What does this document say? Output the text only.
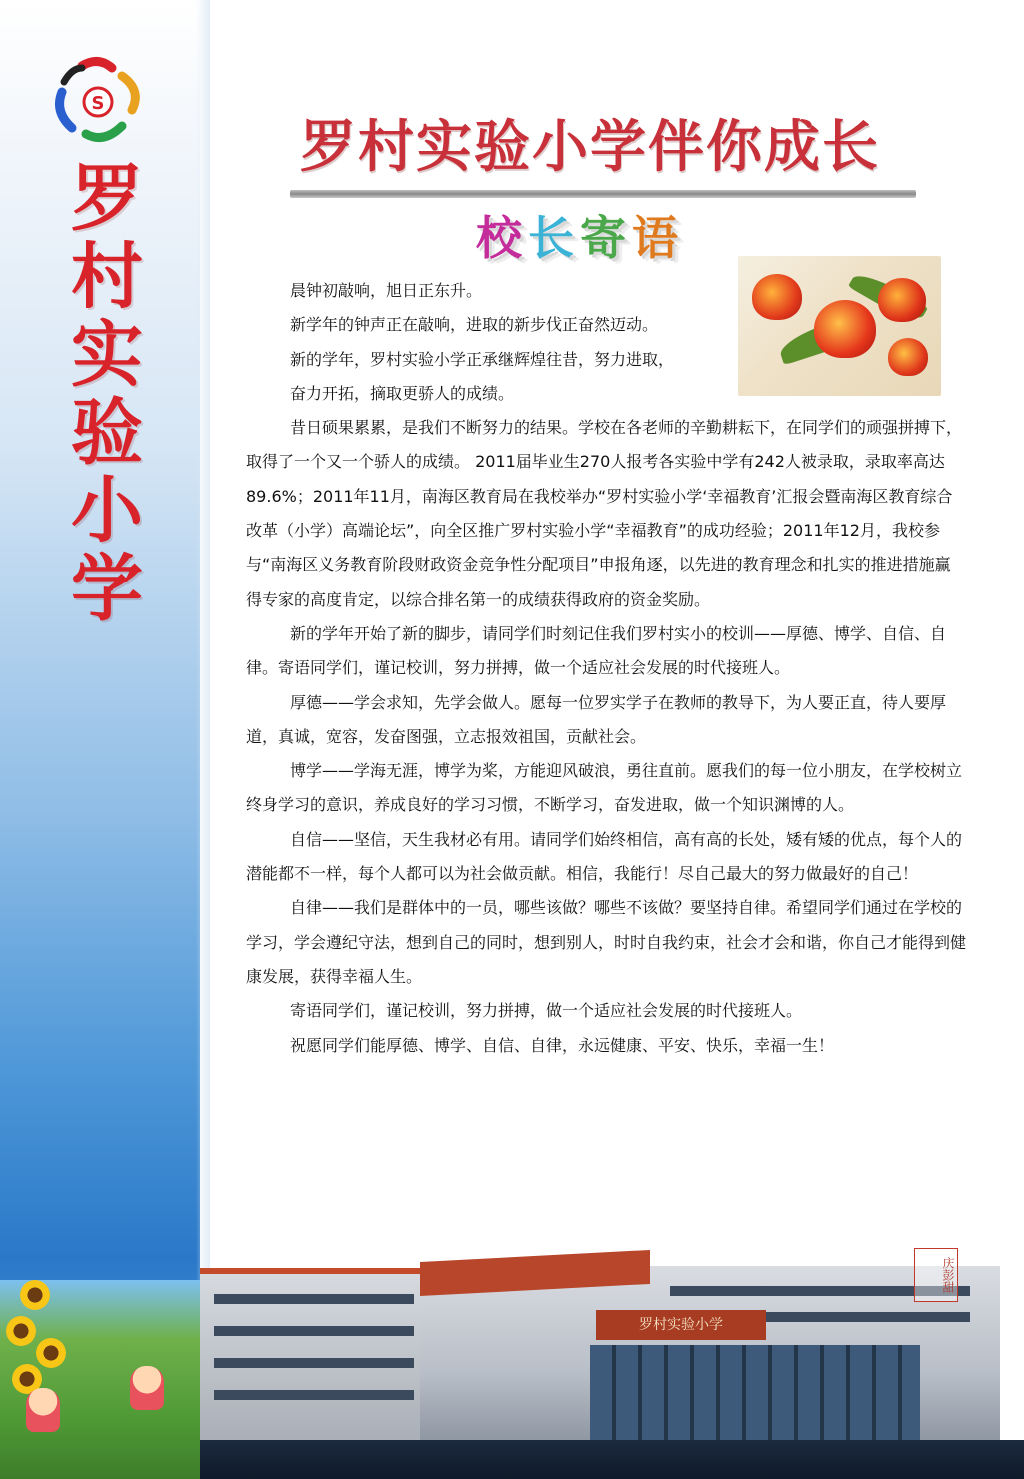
S
罗村实验小学
罗村实验小学伴你成长
校长寄语

晨钟初敲响，旭日正东升。

新学年的钟声正在敲响，进取的新步伐正奋然迈动。

新的学年，罗村实验小学正承继辉煌往昔，努力进取，

奋力开拓，摘取更骄人的成绩。

昔日硕果累累，是我们不断努力的结果。学校在各老师的辛勤耕耘下，在同学们的顽强拼搏下，取得了一个又一个骄人的成绩。 2011届毕业生270人报考各实验中学有242人被录取，录取率高达89.6%；2011年11月，南海区教育局在我校举办“罗村实验小学‘幸福教育’汇报会暨南海区教育综合改革（小学）高端论坛”，向全区推广罗村实验小学“幸福教育”的成功经验；2011年12月，我校参与“南海区义务教育阶段财政资金竞争性分配项目”申报角逐，以先进的教育理念和扎实的推进措施赢得专家的高度肯定，以综合排名第一的成绩获得政府的资金奖励。

新的学年开始了新的脚步，请同学们时刻记住我们罗村实小的校训——厚德、博学、自信、自律。寄语同学们，谨记校训，努力拼搏，做一个适应社会发展的时代接班人。

厚德——学会求知，先学会做人。愿每一位罗实学子在教师的教导下，为人要正直，待人要厚道，真诚，宽容，发奋图强，立志报效祖国，贡献社会。

博学——学海无涯，博学为桨，方能迎风破浪，勇往直前。愿我们的每一位小朋友，在学校树立终身学习的意识，养成良好的学习习惯，不断学习，奋发进取，做一个知识渊博的人。

自信——坚信，天生我材必有用。请同学们始终相信，高有高的长处，矮有矮的优点，每个人的潜能都不一样，每个人都可以为社会做贡献。相信，我能行！尽自己最大的努力做最好的自己！

自律——我们是群体中的一员，哪些该做？哪些不该做？要坚持自律。希望同学们通过在学校的学习，学会遵纪守法，想到自己的同时，想到别人，时时自我约束，社会才会和谐，你自己才能得到健康发展，获得幸福人生。

寄语同学们，谨记校训，努力拼搏，做一个适应社会发展的时代接班人。

祝愿同学们能厚德、博学、自信、自律，永远健康、平安、快乐，幸福一生！

罗村实验小学
庆彭甜
